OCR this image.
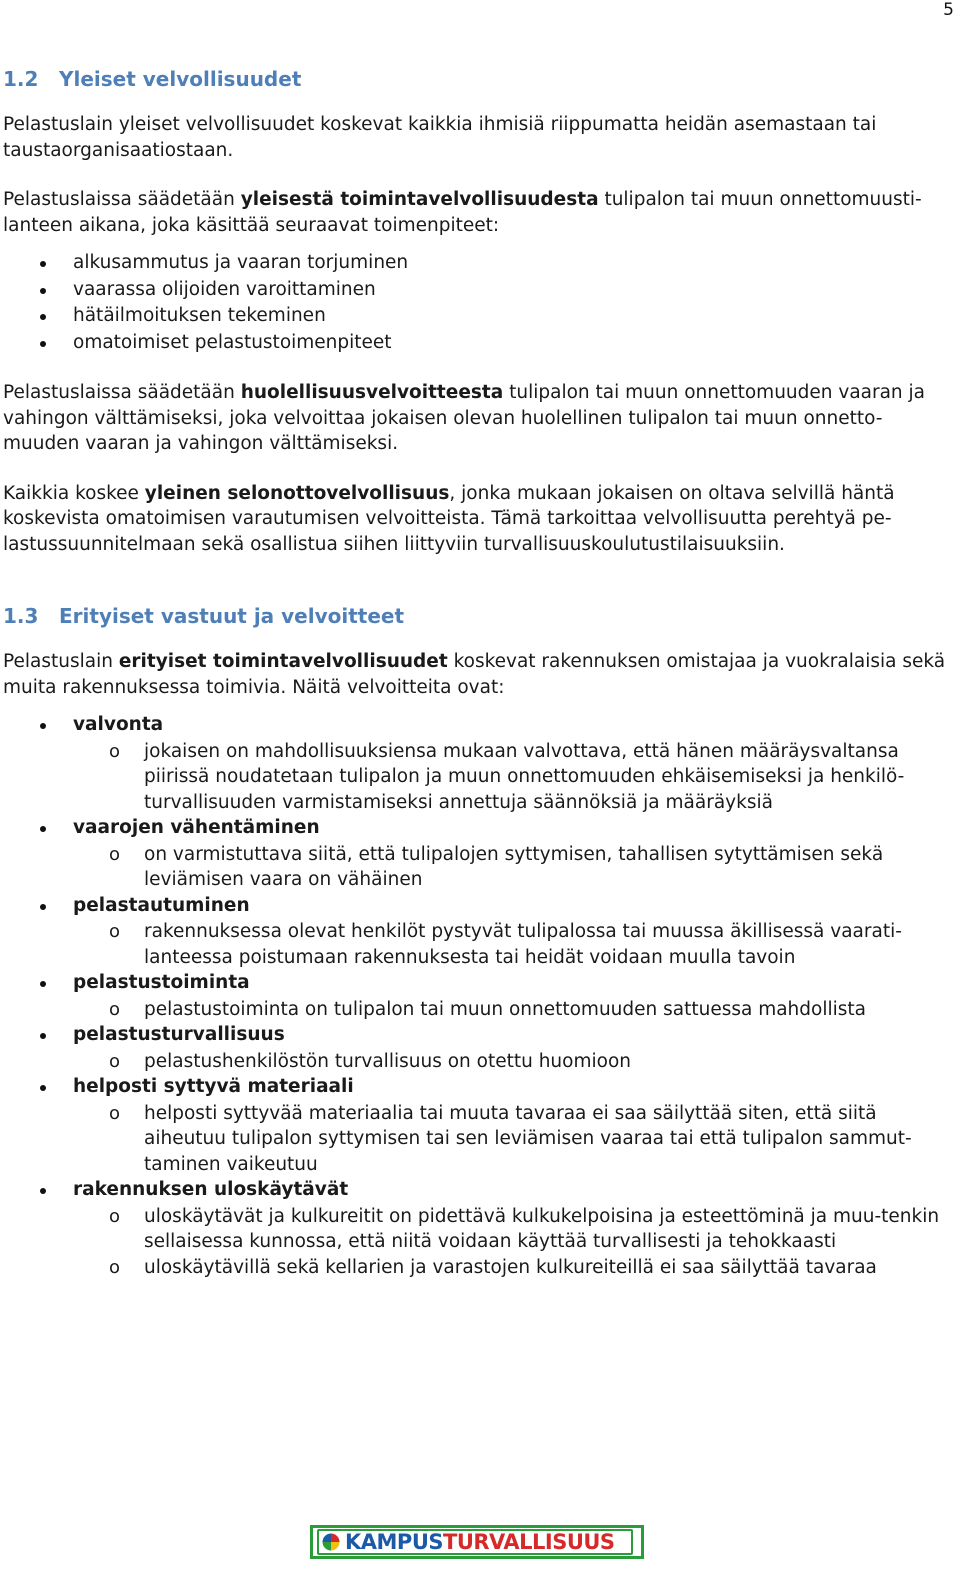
5
1.2 Yleiset velvollisuudet

Pelastuslain yleiset velvollisuudet koskevat kaikkia ihmisiä riippumatta heidän asemastaan tai taustaorganisaatiostaan.

Pelastuslaissa säädetään yleisestä toimintavelvollisuudesta tulipalon tai muun onnettomuusti-lanteen aikana, joka käsittää seuraavat toimenpiteet:

alkusammutus ja vaaran torjuminen
vaarassa olijoiden varoittaminen
hätäilmoituksen tekeminen
omatoimiset pelastustoimenpiteet

Pelastuslaissa säädetään huolellisuusvelvoitteesta tulipalon tai muun onnettomuuden vaaran ja vahingon välttämiseksi, joka velvoittaa jokaisen olevan huolellinen tulipalon tai muun onnetto-muuden vaaran ja vahingon välttämiseksi.

Kaikkia koskee yleinen selonottovelvollisuus, jonka mukaan jokaisen on oltava selvillä häntä koskevista omatoimisen varautumisen velvoitteista. Tämä tarkoittaa velvollisuutta perehtyä pe-lastussuunnitelmaan sekä osallistua siihen liittyviin turvallisuuskoulutustilaisuuksiin.

1.3 Erityiset vastuut ja velvoitteet

Pelastuslain erityiset toimintavelvollisuudet koskevat rakennuksen omistajaa ja vuokralaisia sekä muita rakennuksessa toimivia. Näitä velvoitteita ovat:

valvonta
o jokaisen on mahdollisuuksiensa mukaan valvottava, että hänen määräysvaltansa piirissä noudatetaan tulipalon ja muun onnettomuuden ehkäisemiseksi ja henkilö-turvallisuuden varmistamiseksi annettuja säännöksiä ja määräyksiä
vaarojen vähentäminen
o on varmistuttava siitä, että tulipalojen syttymisen, tahallisen sytyttämisen sekä leviämisen vaara on vähäinen
pelastautuminen
o rakennuksessa olevat henkilöt pystyvät tulipalossa tai muussa äkillisessä vaarati-lanteessa poistumaan rakennuksesta tai heidät voidaan muulla tavoin
pelastustoiminta
o pelastustoiminta on tulipalon tai muun onnettomuuden sattuessa mahdollista
pelastusturvallisuus
o pelastushenkilöstön turvallisuus on otettu huomioon
helposti syttyvä materiaali
o helposti syttyvää materiaalia tai muuta tavaraa ei saa säilyttää siten, että siitä aiheutuu tulipalon syttymisen tai sen leviämisen vaaraa tai että tulipalon sammut-taminen vaikeutuu
rakennuksen uloskäytävät
o uloskäytävät ja kulkureitit on pidettävä kulkukelpoisina ja esteettöminä ja muu-tenkin sellaisessa kunnossa, että niitä voidaan käyttää turvallisesti ja tehokkaasti
o uloskäytävillä sekä kellarien ja varastojen kulkureiteillä ei saa säilyttää tavaraa
KAMPUSTURVALLISUUS
